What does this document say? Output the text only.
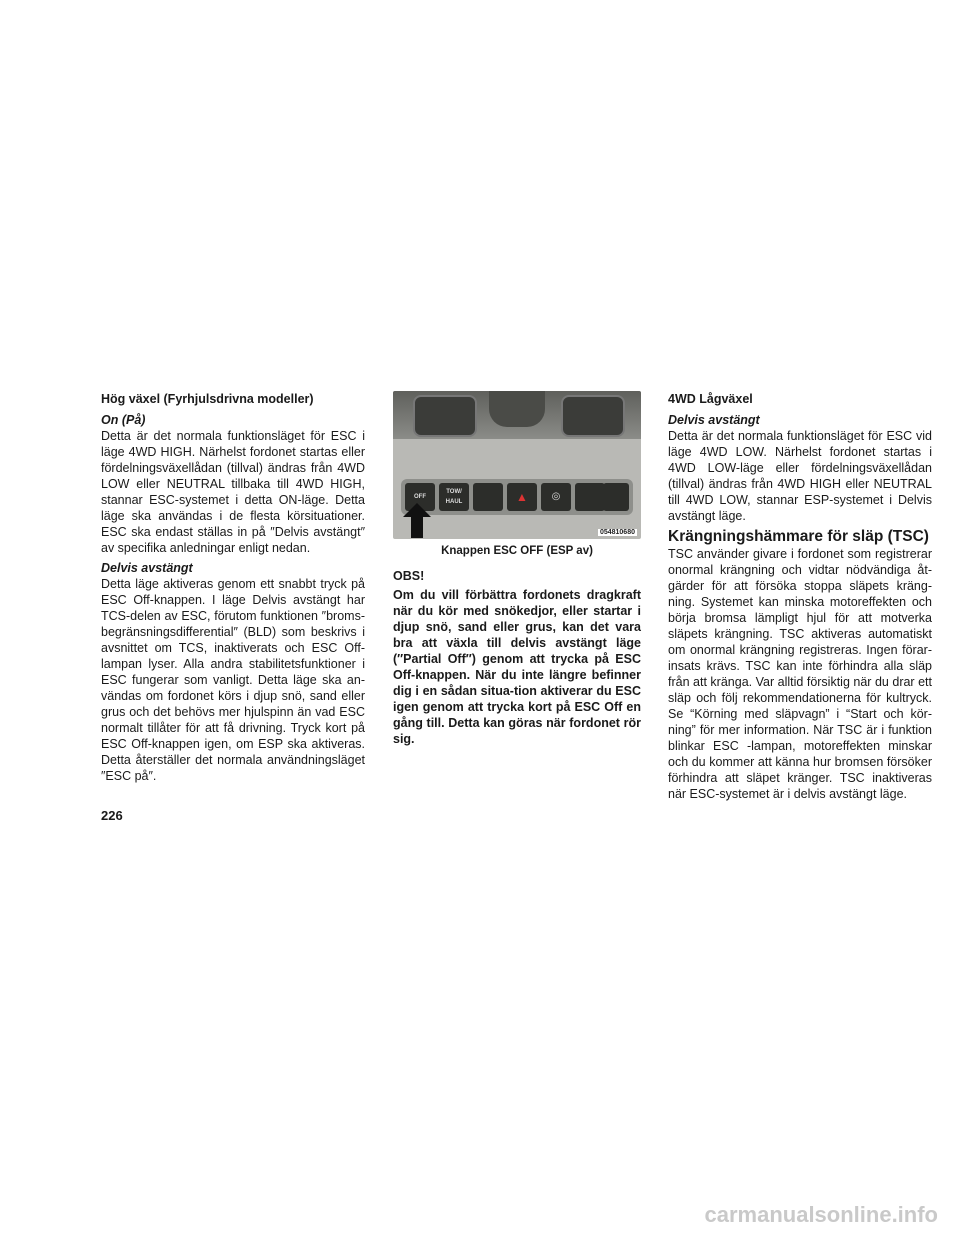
Hög växel (Fyrhjulsdrivna modeller)

On (På)

Detta är det normala funktionsläget för ESC i läge 4WD HIGH. Närhelst fordonet startas eller fördelningsväxellådan (tillval) ändras från 4WD LOW eller NEUTRAL tillbaka till 4WD HIGH, stannar ESC-systemet i detta ON-läge. Detta läge ska användas i de flesta körsituationer. ESC ska endast ställas in på ″Delvis avstängt″ av specifika anledningar enligt nedan.

Delvis avstängt

Detta läge aktiveras genom ett snabbt tryck på ESC Off-knappen. I läge Delvis avstängt har TCS-delen av ESC, förutom funktionen ″broms-begränsningsdifferential″ (BLD) som beskrivs i avsnittet om TCS, inaktiverats och ESC Off-lampan lyser. Alla andra stabilitetsfunktioner i ESC fungerar som vanligt. Detta läge ska an-vändas om fordonet körs i djup snö, sand eller grus och det behövs mer hjulspinn än vad ESC normalt tillåter för att få drivning. Tryck kort på ESC Off-knappen igen, om ESP ska aktiveras. Detta återställer det normala användningsläget ″ESC på″.

OFF
TOW/ HAUL	▲	◎
054810680

Knappen ESC OFF (ESP av)

OBS!

Om du vill förbättra fordonets dragkraft när du kör med snökedjor, eller startar i djup snö, sand eller grus, kan det vara bra att växla till delvis avstängt läge (″Partial Off″) genom att trycka på ESC Off-knappen. När du inte längre befinner dig i en sådan situa-tion aktiverar du ESC igen genom att trycka kort på ESC Off en gång till. Detta kan göras när fordonet rör sig.

4WD Lågväxel

Delvis avstängt

Detta är det normala funktionsläget för ESC vid läge 4WD LOW. Närhelst fordonet startas i 4WD LOW-läge eller fördelningsväxellådan (tillval) ändras från 4WD HIGH eller NEUTRAL till 4WD LOW, stannar ESP-systemet i Delvis avstängt läge.

Krängningshämmare för släp (TSC)

TSC använder givare i fordonet som registrerar onormal krängning och vidtar nödvändiga åt-gärder för att försöka stoppa släpets kräng-ning. Systemet kan minska motoreffekten och börja bromsa lämpligt hjul för att motverka släpets krängning. TSC aktiveras automatiskt om onormal krängning registreras. Ingen förar-insats krävs. TSC kan inte förhindra alla släp från att kränga. Var alltid försiktig när du drar ett släp och följ rekommendationerna för kultryck. Se “Körning med släpvagn” i “Start och kör-ning” för mer information. När TSC är i funktion blinkar ESC -lampan, motoreffekten minskar och du kommer att känna hur bromsen försöker förhindra att släpet kränger. TSC inaktiveras när ESC-systemet är i delvis avstängt läge.

226
carmanualsonline.info
